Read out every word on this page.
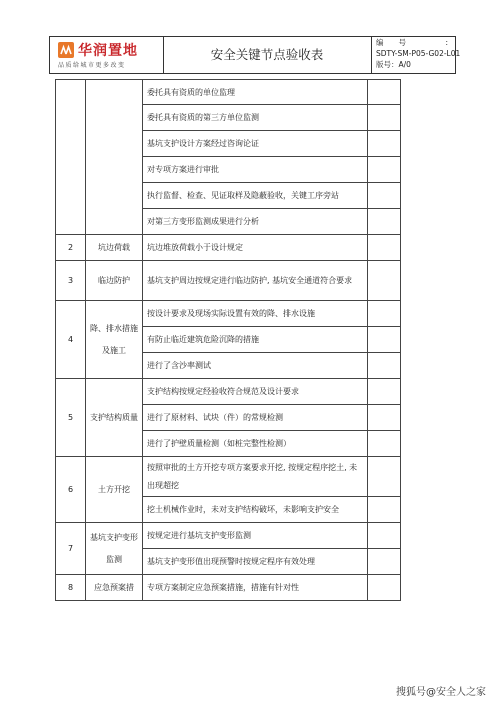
华润置地
品质给城市更多改变
安全关键节点验收表
编　　号	:
SDTY-SM-P05-G02-L01
版号：A/0
		委托具有资质的单位监理	
		委托具有资质的第三方单位监测	
		基坑支护设计方案经过咨询论证	
		对专项方案进行审批	
		执行监督、检查、见证取样及隐蔽验收，关键工序旁站	
		对第三方变形监测成果进行分析	
2	坑边荷载	坑边堆放荷载小于设计规定	
3	临边防护	基坑支护周边按规定进行临边防护, 基坑安全通道符合要求	
4	降、排水措施及施工	按设计要求及现场实际设置有效的降、排水设施	
		有防止临近建筑危险沉降的措施	
		进行了含沙率测试	
5	支护结构质量	支护结构按规定经验收符合规范及设计要求	
		进行了原材料、试块（件）的常规检测	
		进行了护壁质量检测（如桩完整性检测）	
6	土方开挖	按照审批的土方开挖专项方案要求开挖, 按规定程序挖土, 未出现超挖	
		挖土机械作业时，未对支护结构破坏，未影响支护安全	
7	基坑支护变形监测	按规定进行基坑支护变形监测	
		基坑支护变形值出现预警时按规定程序有效处理	
8	应急预案措	专项方案制定应急预案措施，措施有针对性	
搜狐号@安全人之家
